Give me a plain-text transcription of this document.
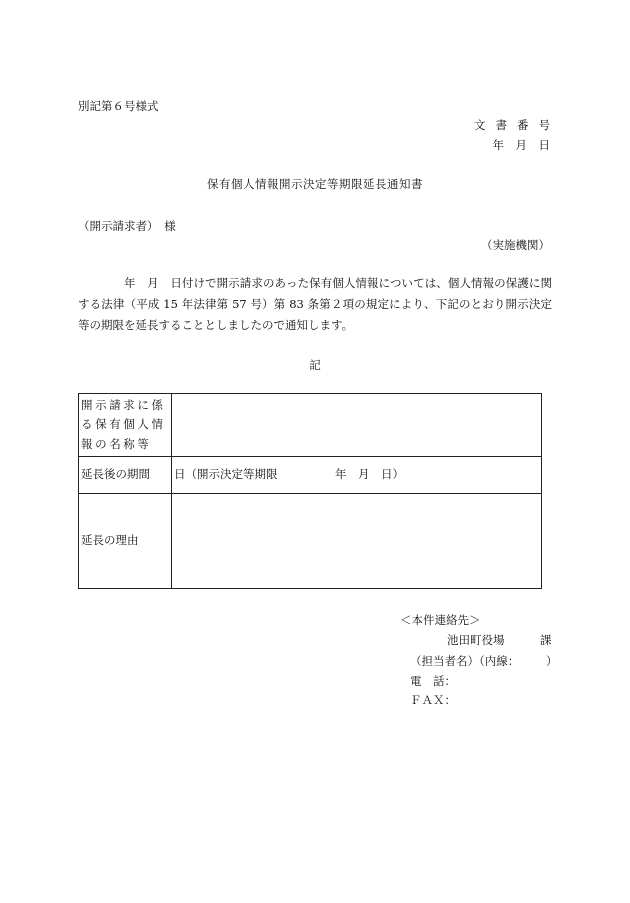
別記第６号様式
文書番号
年　月　日
保有個人情報開示決定等期限延長通知書
（開示請求者）　様
（実施機関）
年　月　日付けで開示請求のあった保有個人情報については、個人情報の保護に関する法律（平成 15 年法律第 57 号）第 83 条第２項の規定により、下記のとおり開示決定等の期限を延長することとしましたので通知します。
記
開示請求に係る保有個人情報の名称等	
延長後の期間	日（開示決定等期限　　　　　年　月　日）
延長の理由	
＜本件連絡先＞
池田町役場	課
（担当者名）（内線： ）
電　話：
ＦＡＸ：
